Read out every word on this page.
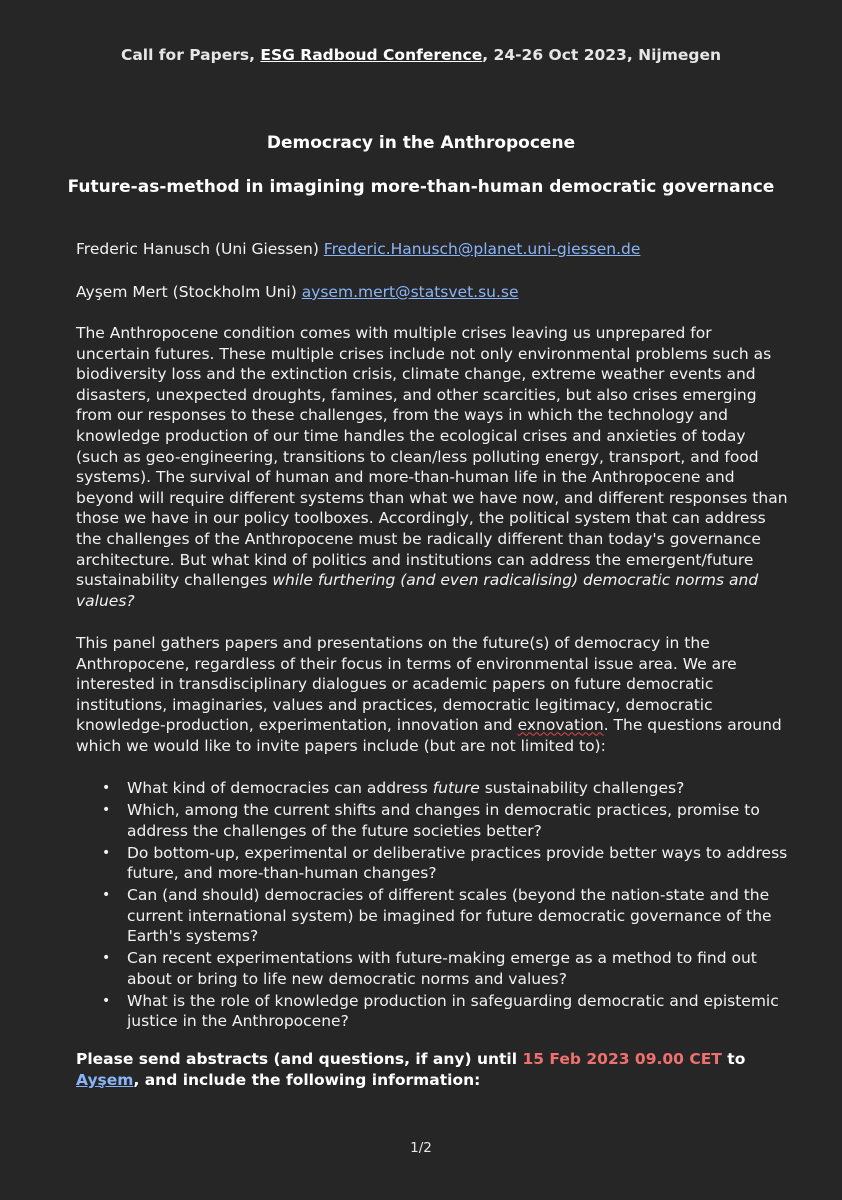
Call for Papers, ESG Radboud Conference, 24-26 Oct 2023, Nijmegen
Democracy in the Anthropocene
Future-as-method in imagining more-than-human democratic governance
Frederic Hanusch (Uni Giessen) Frederic.Hanusch@planet.uni-giessen.de
Ayşem Mert (Stockholm Uni) aysem.mert@statsvet.su.se
The Anthropocene condition comes with multiple crises leaving us unprepared for uncertain futures. These multiple crises include not only environmental problems such as biodiversity loss and the extinction crisis, climate change, extreme weather events and disasters, unexpected droughts, famines, and other scarcities, but also crises emerging from our responses to these challenges, from the ways in which the technology and knowledge production of our time handles the ecological crises and anxieties of today (such as geo-engineering, transitions to clean/less polluting energy, transport, and food systems). The survival of human and more-than-human life in the Anthropocene and beyond will require different systems than what we have now, and different responses than those we have in our policy toolboxes. Accordingly, the political system that can address the challenges of the Anthropocene must be radically different than today's governance architecture. But what kind of politics and institutions can address the emergent/future sustainability challenges while furthering (and even radicalising) democratic norms and values?
This panel gathers papers and presentations on the future(s) of democracy in the Anthropocene, regardless of their focus in terms of environmental issue area. We are interested in transdisciplinary dialogues or academic papers on future democratic institutions, imaginaries, values and practices, democratic legitimacy, democratic knowledge-production, experimentation, innovation and exnovation. The questions around which we would like to invite papers include (but are not limited to):
• What kind of democracies can address future sustainability challenges?
• Which, among the current shifts and changes in democratic practices, promise to address the challenges of the future societies better?
• Do bottom-up, experimental or deliberative practices provide better ways to address future, and more-than-human changes?
• Can (and should) democracies of different scales (beyond the nation-state and the current international system) be imagined for future democratic governance of the Earth's systems?
• Can recent experimentations with future-making emerge as a method to find out about or bring to life new democratic norms and values?
• What is the role of knowledge production in safeguarding democratic and epistemic justice in the Anthropocene?
Please send abstracts (and questions, if any) until 15 Feb 2023 09.00 CET to Ayşem, and include the following information:
1/2
